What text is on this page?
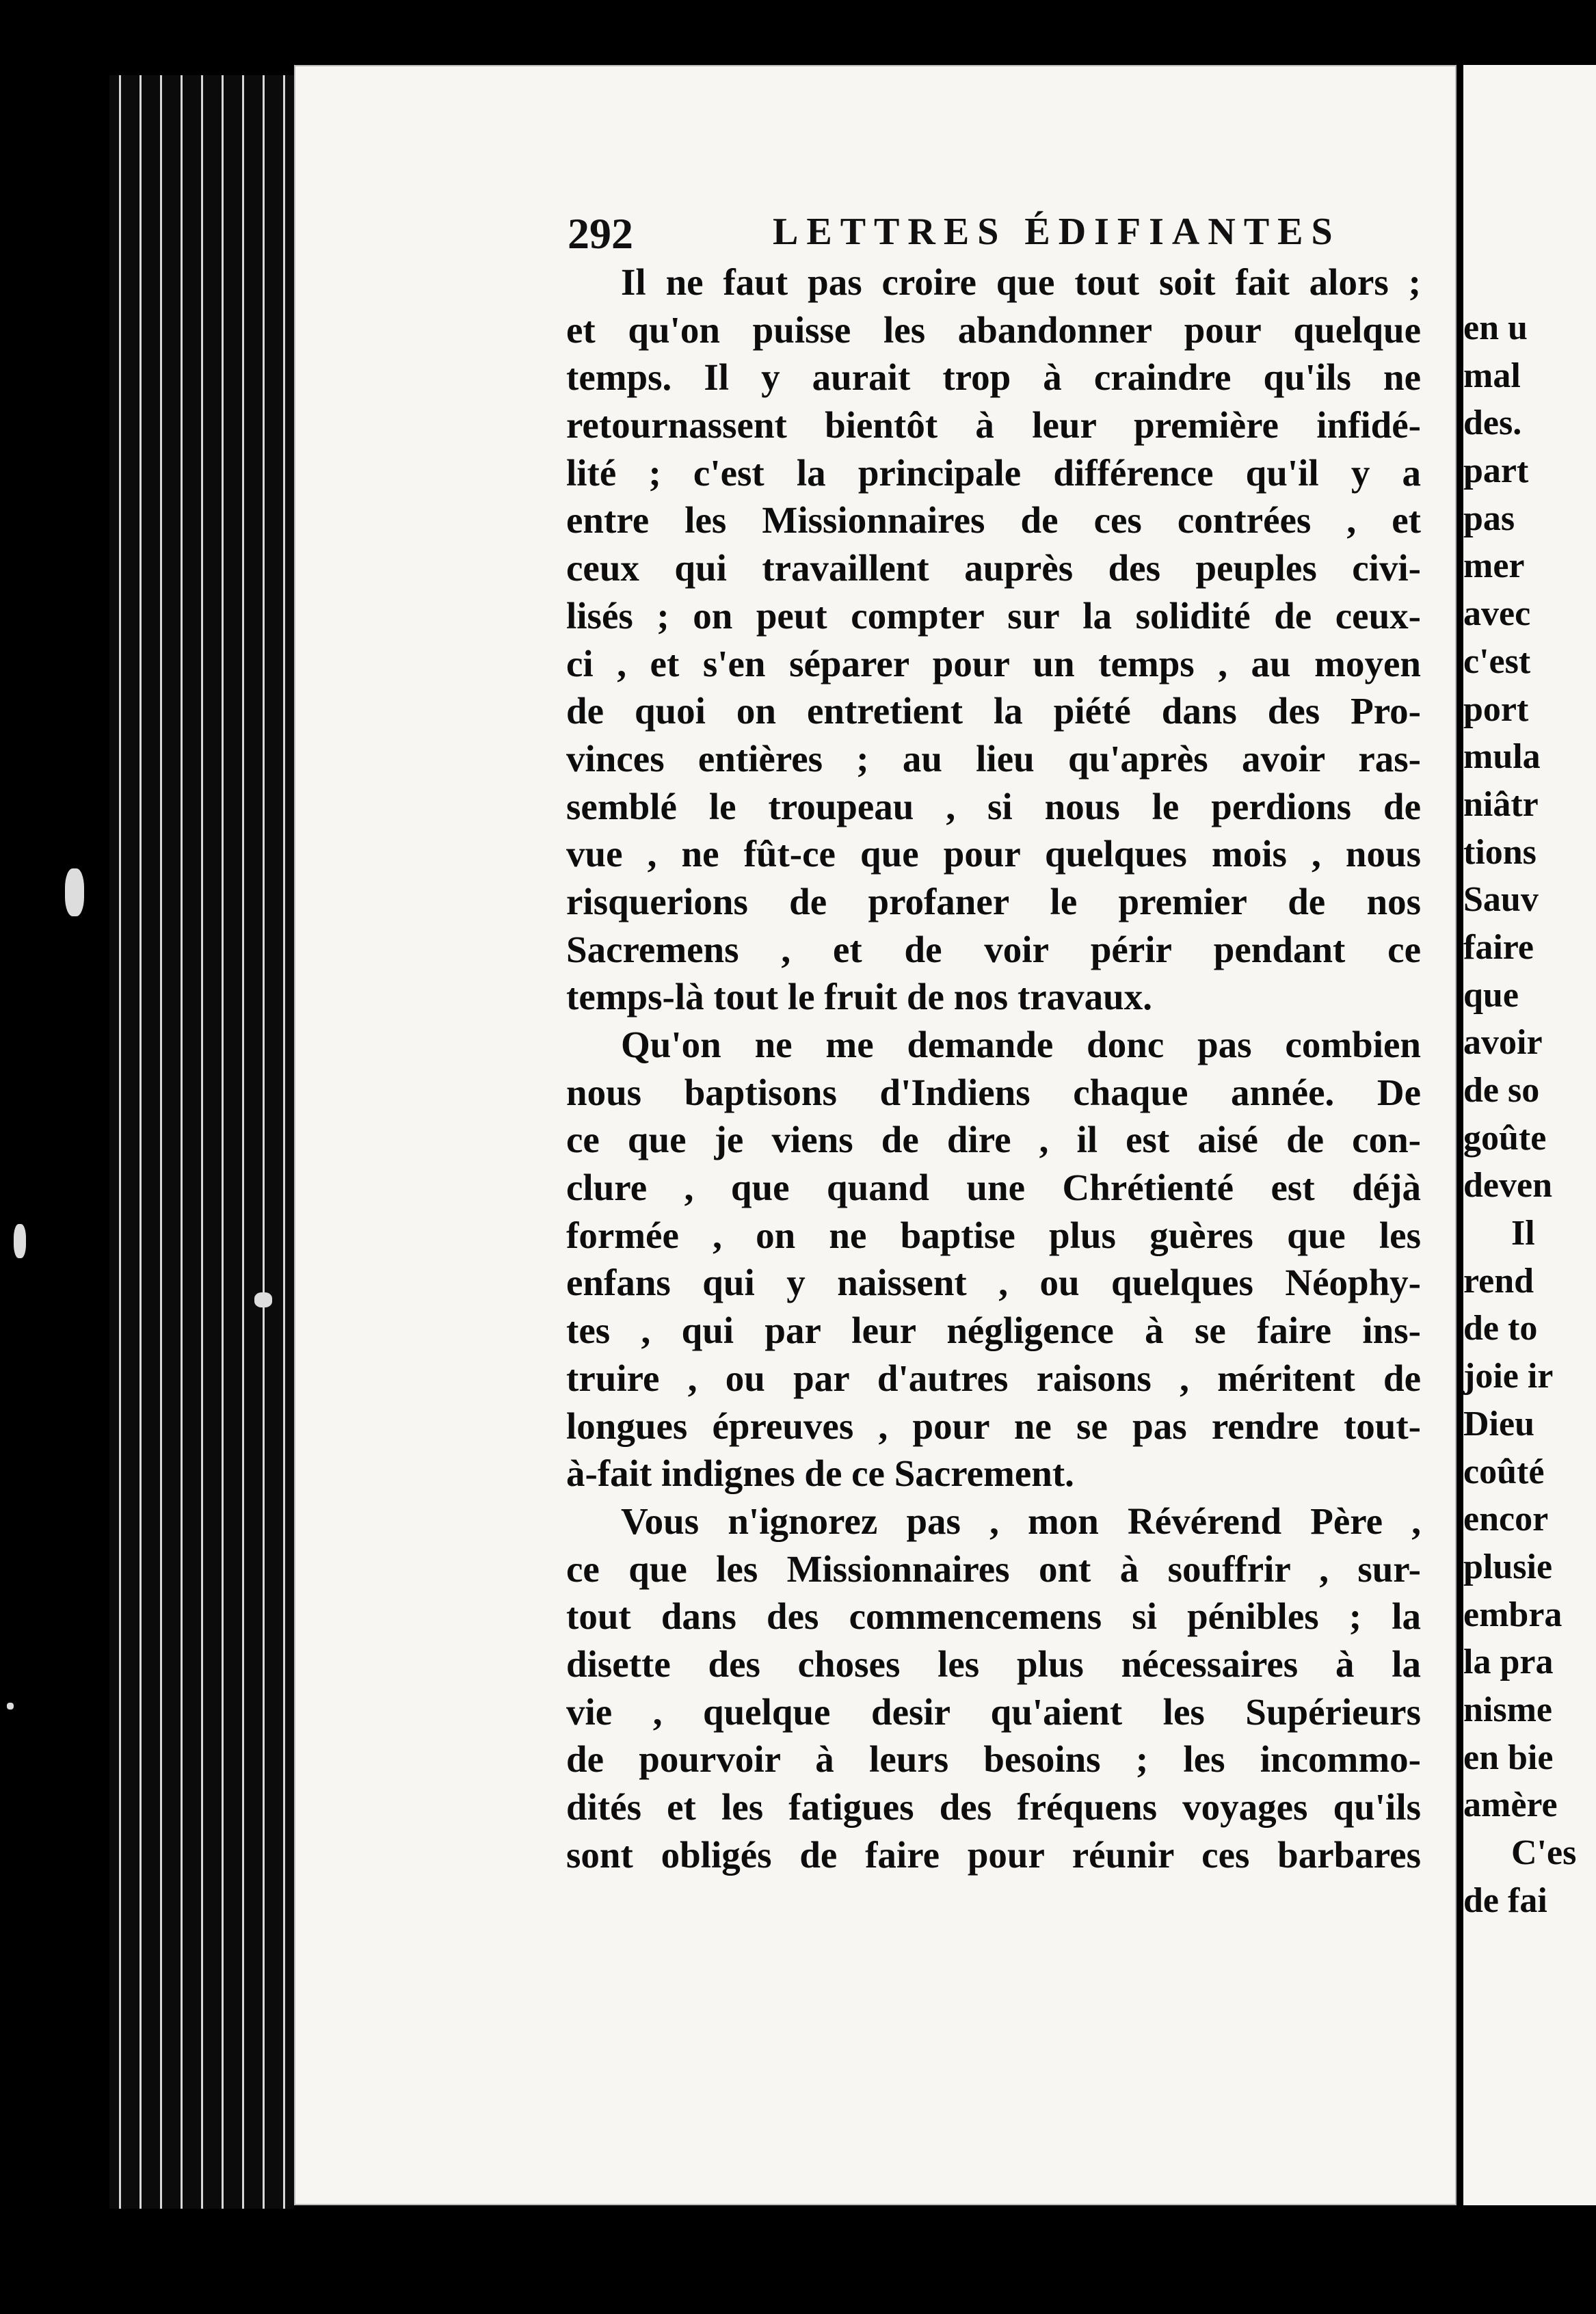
292	LETTRES ÉDIFIANTES
Il ne faut pas croire que tout soit fait alors ;
et qu'on puisse les abandonner pour quelque
temps. Il y aurait trop à craindre qu'ils ne
retournassent bientôt à leur première infidé-
lité ; c'est la principale différence qu'il y a
entre les Missionnaires de ces contrées , et
ceux qui travaillent auprès des peuples civi-
lisés ; on peut compter sur la solidité de ceux-
ci , et s'en séparer pour un temps , au moyen
de quoi on entretient la piété dans des Pro-
vinces entières ; au lieu qu'après avoir ras-
semblé le troupeau , si nous le perdions de
vue , ne fût-ce que pour quelques mois , nous
risquerions de profaner le premier de nos
Sacremens , et de voir périr pendant ce
temps-là tout le fruit de nos travaux.
Qu'on ne me demande donc pas combien
nous baptisons d'Indiens chaque année. De
ce que je viens de dire , il est aisé de con-
clure , que quand une Chrétienté est déjà
formée , on ne baptise plus guères que les
enfans qui y naissent , ou quelques Néophy-
tes , qui par leur négligence à se faire ins-
truire , ou par d'autres raisons , méritent de
longues épreuves , pour ne se pas rendre tout-
à-fait indignes de ce Sacrement.
Vous n'ignorez pas , mon Révérend Père ,
ce que les Missionnaires ont à souffrir , sur-
tout dans des commencemens si pénibles ; la
disette des choses les plus nécessaires à la
vie , quelque desir qu'aient les Supérieurs
de pourvoir à leurs besoins ; les incommo-
dités et les fatigues des fréquens voyages qu'ils
sont obligés de faire pour réunir ces barbares
en u
mal
des.
part
pas
mer
avec
c'est
port
mula
niâtr
tions
Sauv
faire
que
avoir
de so
goûte
deven
Il
rend
de to
joie ir
Dieu
coûté
encor
plusie
embra
la pra
nisme
en bie
amère
C'es
de fai
